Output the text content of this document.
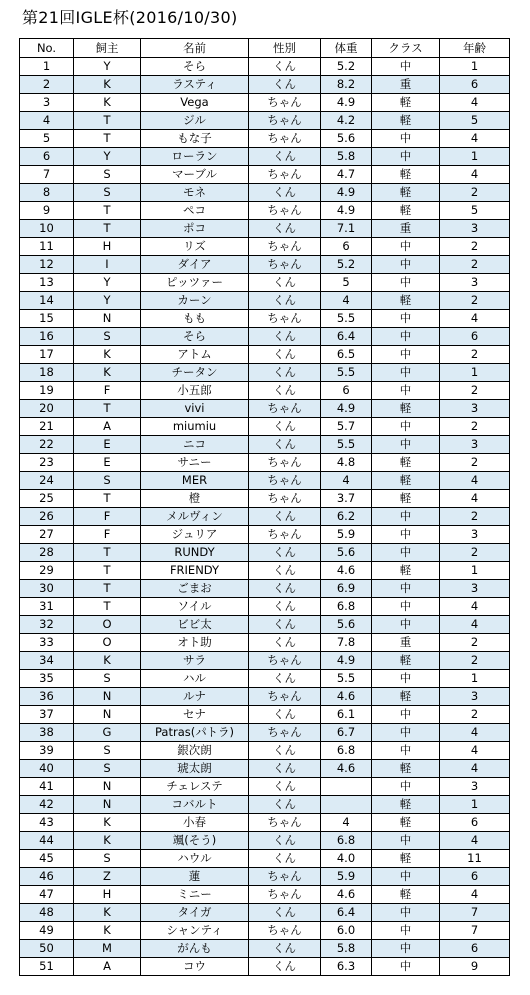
第21回IGLE杯(2016/10/30)
No.	飼主	名前	性別	体重	クラス	年齢
1	Y	そら	くん	5.2	中	1
2	K	ラスティ	くん	8.2	重	6
3	K	Vega	ちゃん	4.9	軽	4
4	T	ジル	ちゃん	4.2	軽	5
5	T	もな子	ちゃん	5.6	中	4
6	Y	ローラン	くん	5.8	中	1
7	S	マーブル	ちゃん	4.7	軽	4
8	S	モネ	くん	4.9	軽	2
9	T	ペコ	ちゃん	4.9	軽	5
10	T	ポコ	くん	7.1	重	3
11	H	リズ	ちゃん	6	中	2
12	I	ダイア	ちゃん	5.2	中	2
13	Y	ピッツァー	くん	5	中	3
14	Y	カーン	くん	4	軽	2
15	N	もも	ちゃん	5.5	中	4
16	S	そら	くん	6.4	中	6
17	K	アトム	くん	6.5	中	2
18	K	チータン	くん	5.5	中	1
19	F	小五郎	くん	6	中	2
20	T	vivi	ちゃん	4.9	軽	3
21	A	miumiu	くん	5.7	中	2
22	E	ニコ	くん	5.5	中	3
23	E	サニー	ちゃん	4.8	軽	2
24	S	MER	ちゃん	4	軽	4
25	T	橙	ちゃん	3.7	軽	4
26	F	メルヴィン	くん	6.2	中	2
27	F	ジュリア	ちゃん	5.9	中	3
28	T	RUNDY	くん	5.6	中	2
29	T	FRIENDY	くん	4.6	軽	1
30	T	ごまお	くん	6.9	中	3
31	T	ソイル	くん	6.8	中	4
32	O	ビビ太	くん	5.6	中	4
33	O	オト助	くん	7.8	重	2
34	K	サラ	ちゃん	4.9	軽	2
35	S	ハル	くん	5.5	中	1
36	N	ルナ	ちゃん	4.6	軽	3
37	N	セナ	くん	6.1	中	2
38	G	Patras(パトラ)	ちゃん	6.7	中	4
39	S	銀次朗	くん	6.8	中	4
40	S	琥太朗	くん	4.6	軽	4
41	N	チェレステ	くん		中	3
42	N	コバルト	くん		軽	1
43	K	小春	ちゃん	4	軽	6
44	K	颯(そう)	くん	6.8	中	4
45	S	ハウル	くん	4.0	軽	11
46	Z	蓮	ちゃん	5.9	中	6
47	H	ミニー	ちゃん	4.6	軽	4
48	K	タイガ	くん	6.4	中	7
49	K	シャンティ	ちゃん	6.0	中	7
50	M	がんも	くん	5.8	中	6
51	A	コウ	くん	6.3	中	9
